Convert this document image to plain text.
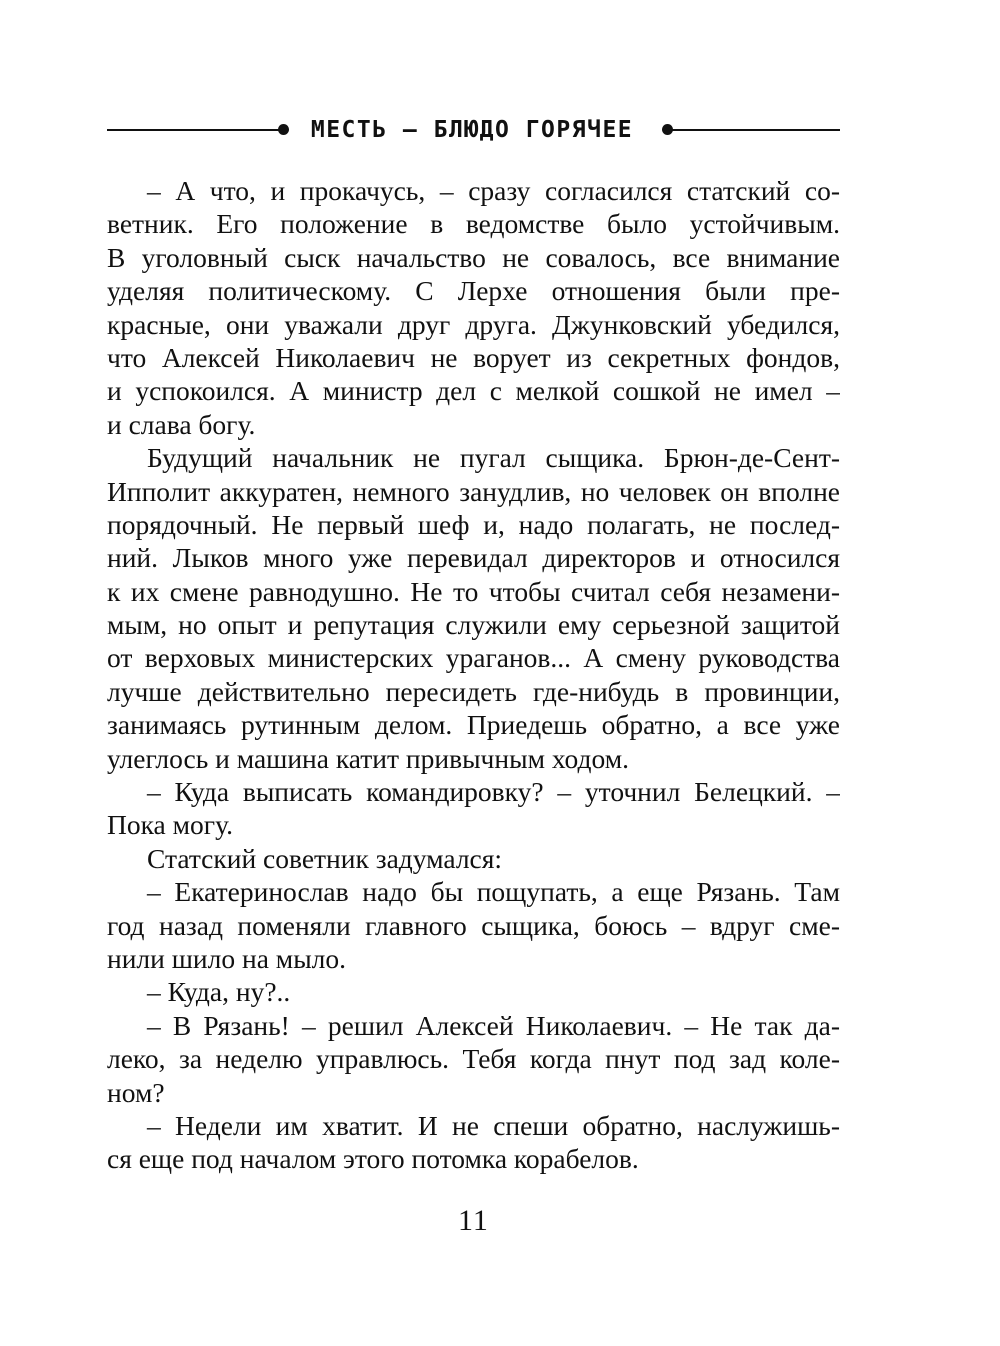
МЕСТЬ – БЛЮДО ГОРЯЧЕЕ
– А что, и прокачусь, – сразу согласился статский со-
ветник. Его положение в ведомстве было устойчивым.
В уголовный сыск начальство не совалось, все внимание
уделяя политическому. С Лерхе отношения были пре-
красные, они уважали друг друга. Джунковский убедился,
что Алексей Николаевич не ворует из секретных фондов,
и успокоился. А министр дел с мелкой сошкой не имел –
и слава богу.
Будущий начальник не пугал сыщика. Брюн-де-Сент-
Ипполит аккуратен, немного занудлив, но человек он вполне
порядочный. Не первый шеф и, надо полагать, не послед-
ний. Лыков много уже перевидал директоров и относился
к их смене равнодушно. Не то чтобы считал себя незамени-
мым, но опыт и репутация служили ему серьезной защитой
от верховых министерских ураганов... А смену руководства
лучше действительно пересидеть где-нибудь в провинции,
занимаясь рутинным делом. Приедешь обратно, а все уже
улеглось и машина катит привычным ходом.
– Куда выписать командировку? – уточнил Белецкий. –
Пока могу.
Статский советник задумался:
– Екатеринослав надо бы пощупать, а еще Рязань. Там
год назад поменяли главного сыщика, боюсь – вдруг сме-
нили шило на мыло.
– Куда, ну?..
– В Рязань! – решил Алексей Николаевич. – Не так да-
леко, за неделю управлюсь. Тебя когда пнут под зад коле-
ном?
– Недели им хватит. И не спеши обратно, наслужишь-
ся еще под началом этого потомка корабелов.
11
